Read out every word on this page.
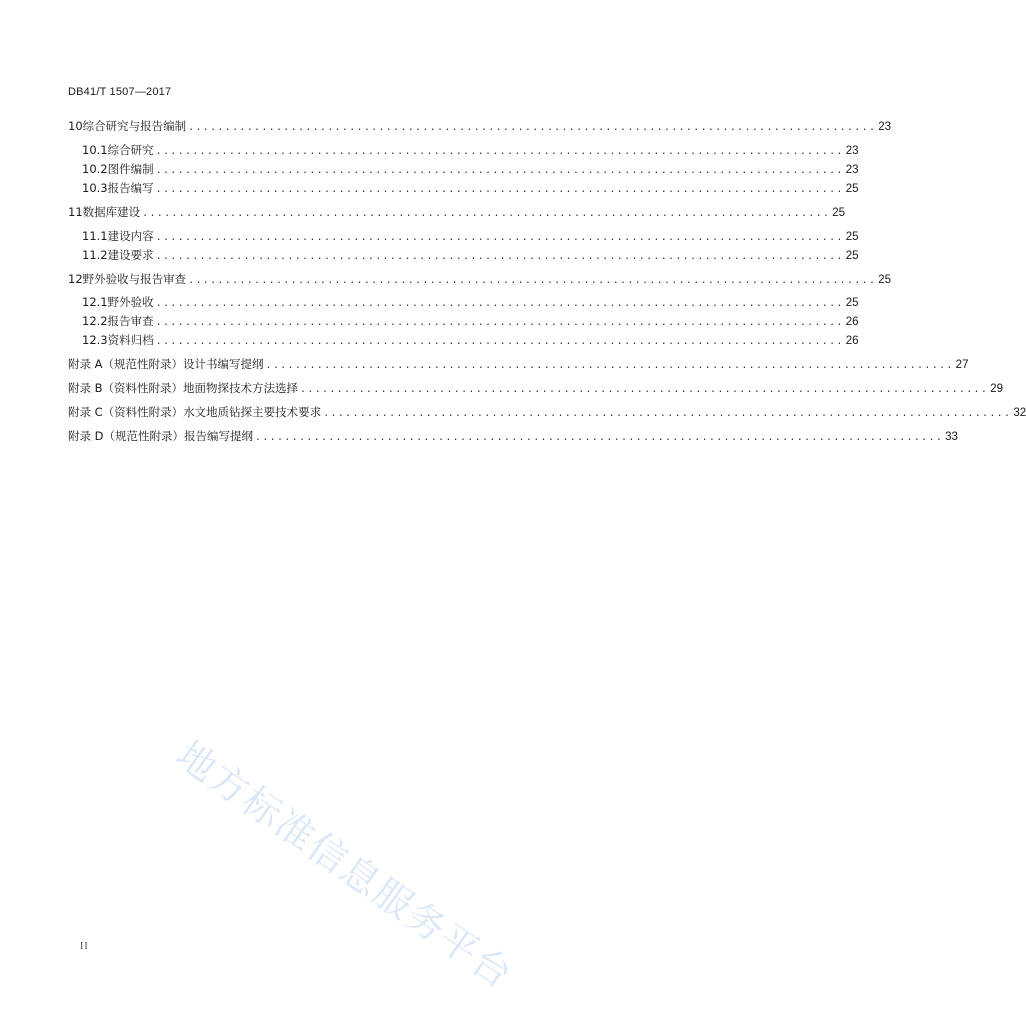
DB41/T 1507—2017
10 综合研究与报告编制 .............................................................................................. 23
10.1 综合研究 .............................................................................................. 23
10.2 图件编制 .............................................................................................. 23
10.3 报告编写 .............................................................................................. 25
11 数据库建设 .............................................................................................. 25
11.1 建设内容 .............................................................................................. 25
11.2 建设要求 .............................................................................................. 25
12 野外验收与报告审查 .............................................................................................. 25
12.1 野外验收 .............................................................................................. 25
12.2 报告审查 .............................................................................................. 26
12.3 资料归档 .............................................................................................. 26
附录 A（规范性附录） 设计书编写提纲 .............................................................................................. 27
附录 B（资料性附录） 地面物探技术方法选择 .............................................................................................. 29
附录 C（资料性附录） 水文地质钻探主要技术要求 .............................................................................................. 32
附录 D（规范性附录） 报告编写提纲 .............................................................................................. 33
地方标准信息服务平台
II
